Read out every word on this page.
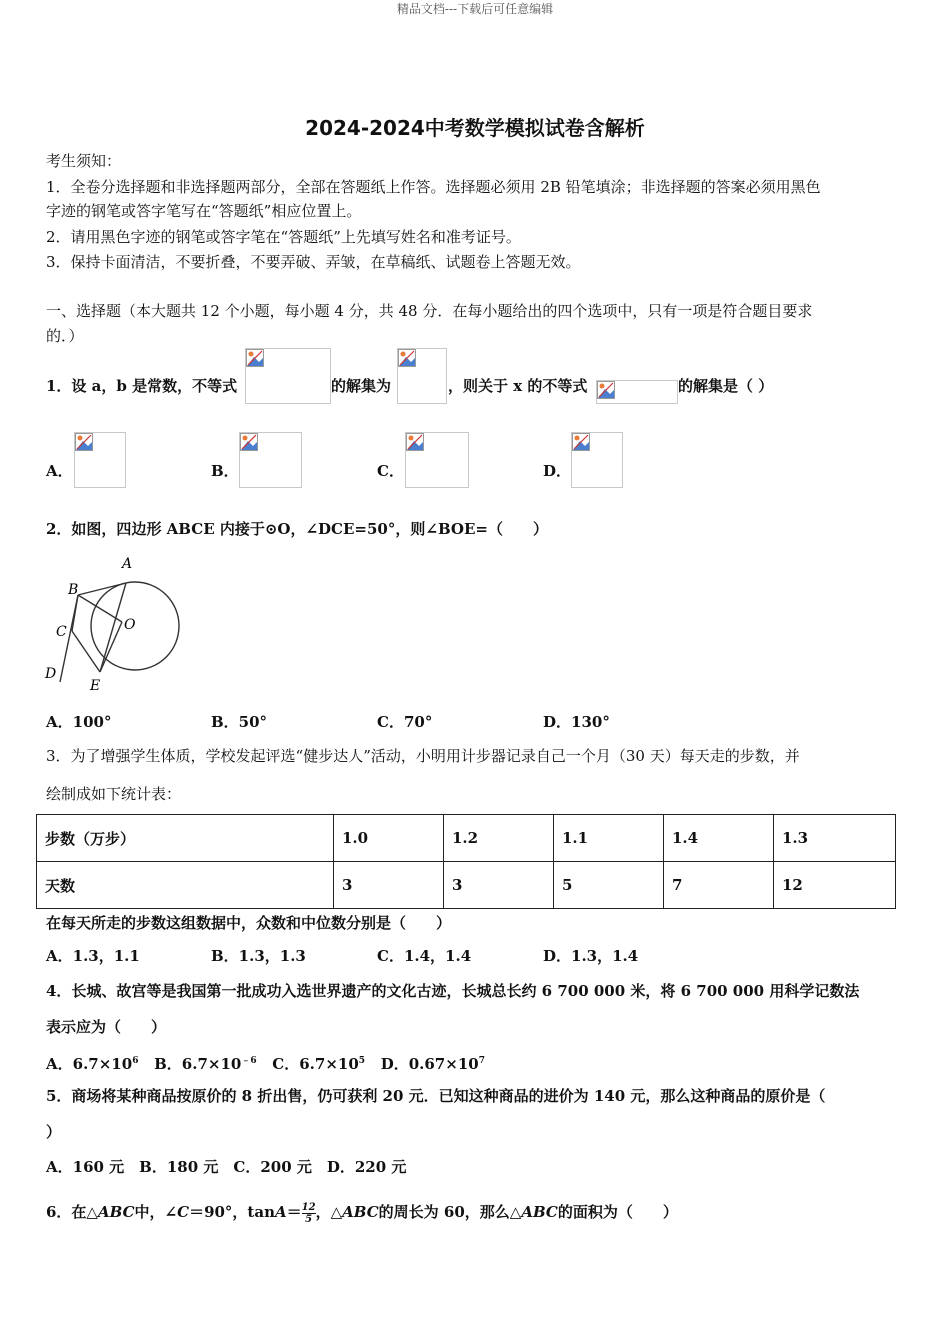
精品文档---下载后可任意编辑
2024-2024中考数学模拟试卷含解析
考生须知：
1．全卷分选择题和非选择题两部分，全部在答题纸上作答。选择题必须用 2B 铅笔填涂；非选择题的答案必须用黑色
字迹的钢笔或答字笔写在“答题纸”相应位置上。
2．请用黑色字迹的钢笔或答字笔在“答题纸”上先填写姓名和准考证号。
3．保持卡面清洁，不要折叠，不要弄破、弄皱，在草稿纸、试题卷上答题无效。
一、选择题（本大题共 12 个小题，每小题 4 分，共 48 分．在每小题给出的四个选项中，只有一项是符合题目要求
的．）
1．设 a，b 是常数，不等式	的解集为	，则关于 x 的不等式	的解集是（ ）
A．	B．	C．	D．
2．如图，四边形 ABCE 内接于⊙O，∠DCE=50°，则∠BOE=（　　）
A
B
C
D
E
O
A．100°	B．50°	C．70°	D．130°
3．为了增强学生体质，学校发起评选“健步达人”活动，小明用计步器记录自己一个月（30 天）每天走的步数，并
绘制成如下统计表：
步数（万步）	1.0	1.2	1.1	1.4	1.3
天数	3	3	5	7	12
在每天所走的步数这组数据中，众数和中位数分别是（　　）
A．1.3，1.1	B．1.3，1.3	C．1.4，1.4	D．1.3，1.4
4．长城、故宫等是我国第一批成功入选世界遗产的文化古迹，长城总长约 6 700 000 米，将 6 700 000 用科学记数法
表示应为（　　）
A．$6.7\times 10^6$ B．$6.7\times 10^{﹣6}$ C．$6.7\times 10^5$ D．$0.67\times 10^7$
5．商场将某种商品按原价的 8 折出售，仍可获利 20 元．已知这种商品的进价为 140 元，那么这种商品的原价是（
）
A．160 元　B．180 元　C．200 元　D．220 元
6．在△ABC中，∠C＝90°，$\tan A= \frac{12}{5}$ ，△ABC的周长为 60，那么△ABC的面积为（　　）
